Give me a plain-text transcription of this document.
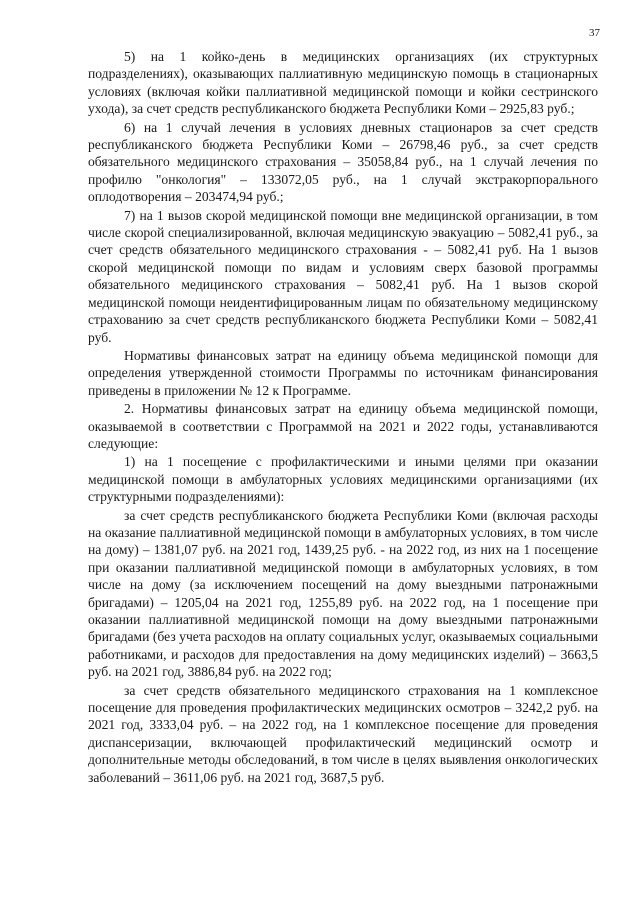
37

5) на 1 койко-день в медицинских организациях (их структурных подразделениях), оказывающих паллиативную медицинскую помощь в стационарных условиях (включая койки паллиативной медицинской помощи и койки сестринского ухода), за счет средств республиканского бюджета Республики Коми – 2925,83 руб.;

6) на 1 случай лечения в условиях дневных стационаров за счет средств республиканского бюджета Республики Коми – 26798,46 руб., за счет средств обязательного медицинского страхования – 35058,84 руб., на 1 случай лечения по профилю "онкология" – 133072,05 руб., на 1 случай экстракорпорального оплодотворения – 203474,94 руб.;

7) на 1 вызов скорой медицинской помощи вне медицинской организации, в том числе скорой специализированной, включая медицинскую эвакуацию – 5082,41 руб., за счет средств обязательного медицинского страхования - – 5082,41 руб. На 1 вызов скорой медицинской помощи по видам и условиям сверх базовой программы обязательного медицинского страхования – 5082,41 руб. На 1 вызов скорой медицинской помощи неидентифицированным лицам по обязательному медицинскому страхованию за счет средств республиканского бюджета Республики Коми – 5082,41 руб.

Нормативы финансовых затрат на единицу объема медицинской помощи для определения утвержденной стоимости Программы по источникам финансирования приведены в приложении № 12 к Программе.

2. Нормативы финансовых затрат на единицу объема медицинской помощи, оказываемой в соответствии с Программой на 2021 и 2022 годы, устанавливаются следующие:

1) на 1 посещение с профилактическими и иными целями при оказании медицинской помощи в амбулаторных условиях медицинскими организациями (их структурными подразделениями):

за счет средств республиканского бюджета Республики Коми (включая расходы на оказание паллиативной медицинской помощи в амбулаторных условиях, в том числе на дому) – 1381,07 руб. на 2021 год, 1439,25 руб. - на 2022 год, из них на 1 посещение при оказании паллиативной медицинской помощи в амбулаторных условиях, в том числе на дому (за исключением посещений на дому выездными патронажными бригадами) – 1205,04 на 2021 год, 1255,89 руб. на 2022 год, на 1 посещение при оказании паллиативной медицинской помощи на дому выездными патронажными бригадами (без учета расходов на оплату социальных услуг, оказываемых социальными работниками, и расходов для предоставления на дому медицинских изделий) – 3663,5 руб. на 2021 год, 3886,84 руб. на 2022 год;

за счет средств обязательного медицинского страхования на 1 комплексное посещение для проведения профилактических медицинских осмотров – 3242,2 руб. на 2021 год, 3333,04 руб. – на 2022 год, на 1 комплексное посещение для проведения диспансеризации, включающей профилактический медицинский осмотр и дополнительные методы обследований, в том числе в целях выявления онкологических заболеваний – 3611,06 руб. на 2021 год, 3687,5 руб.
